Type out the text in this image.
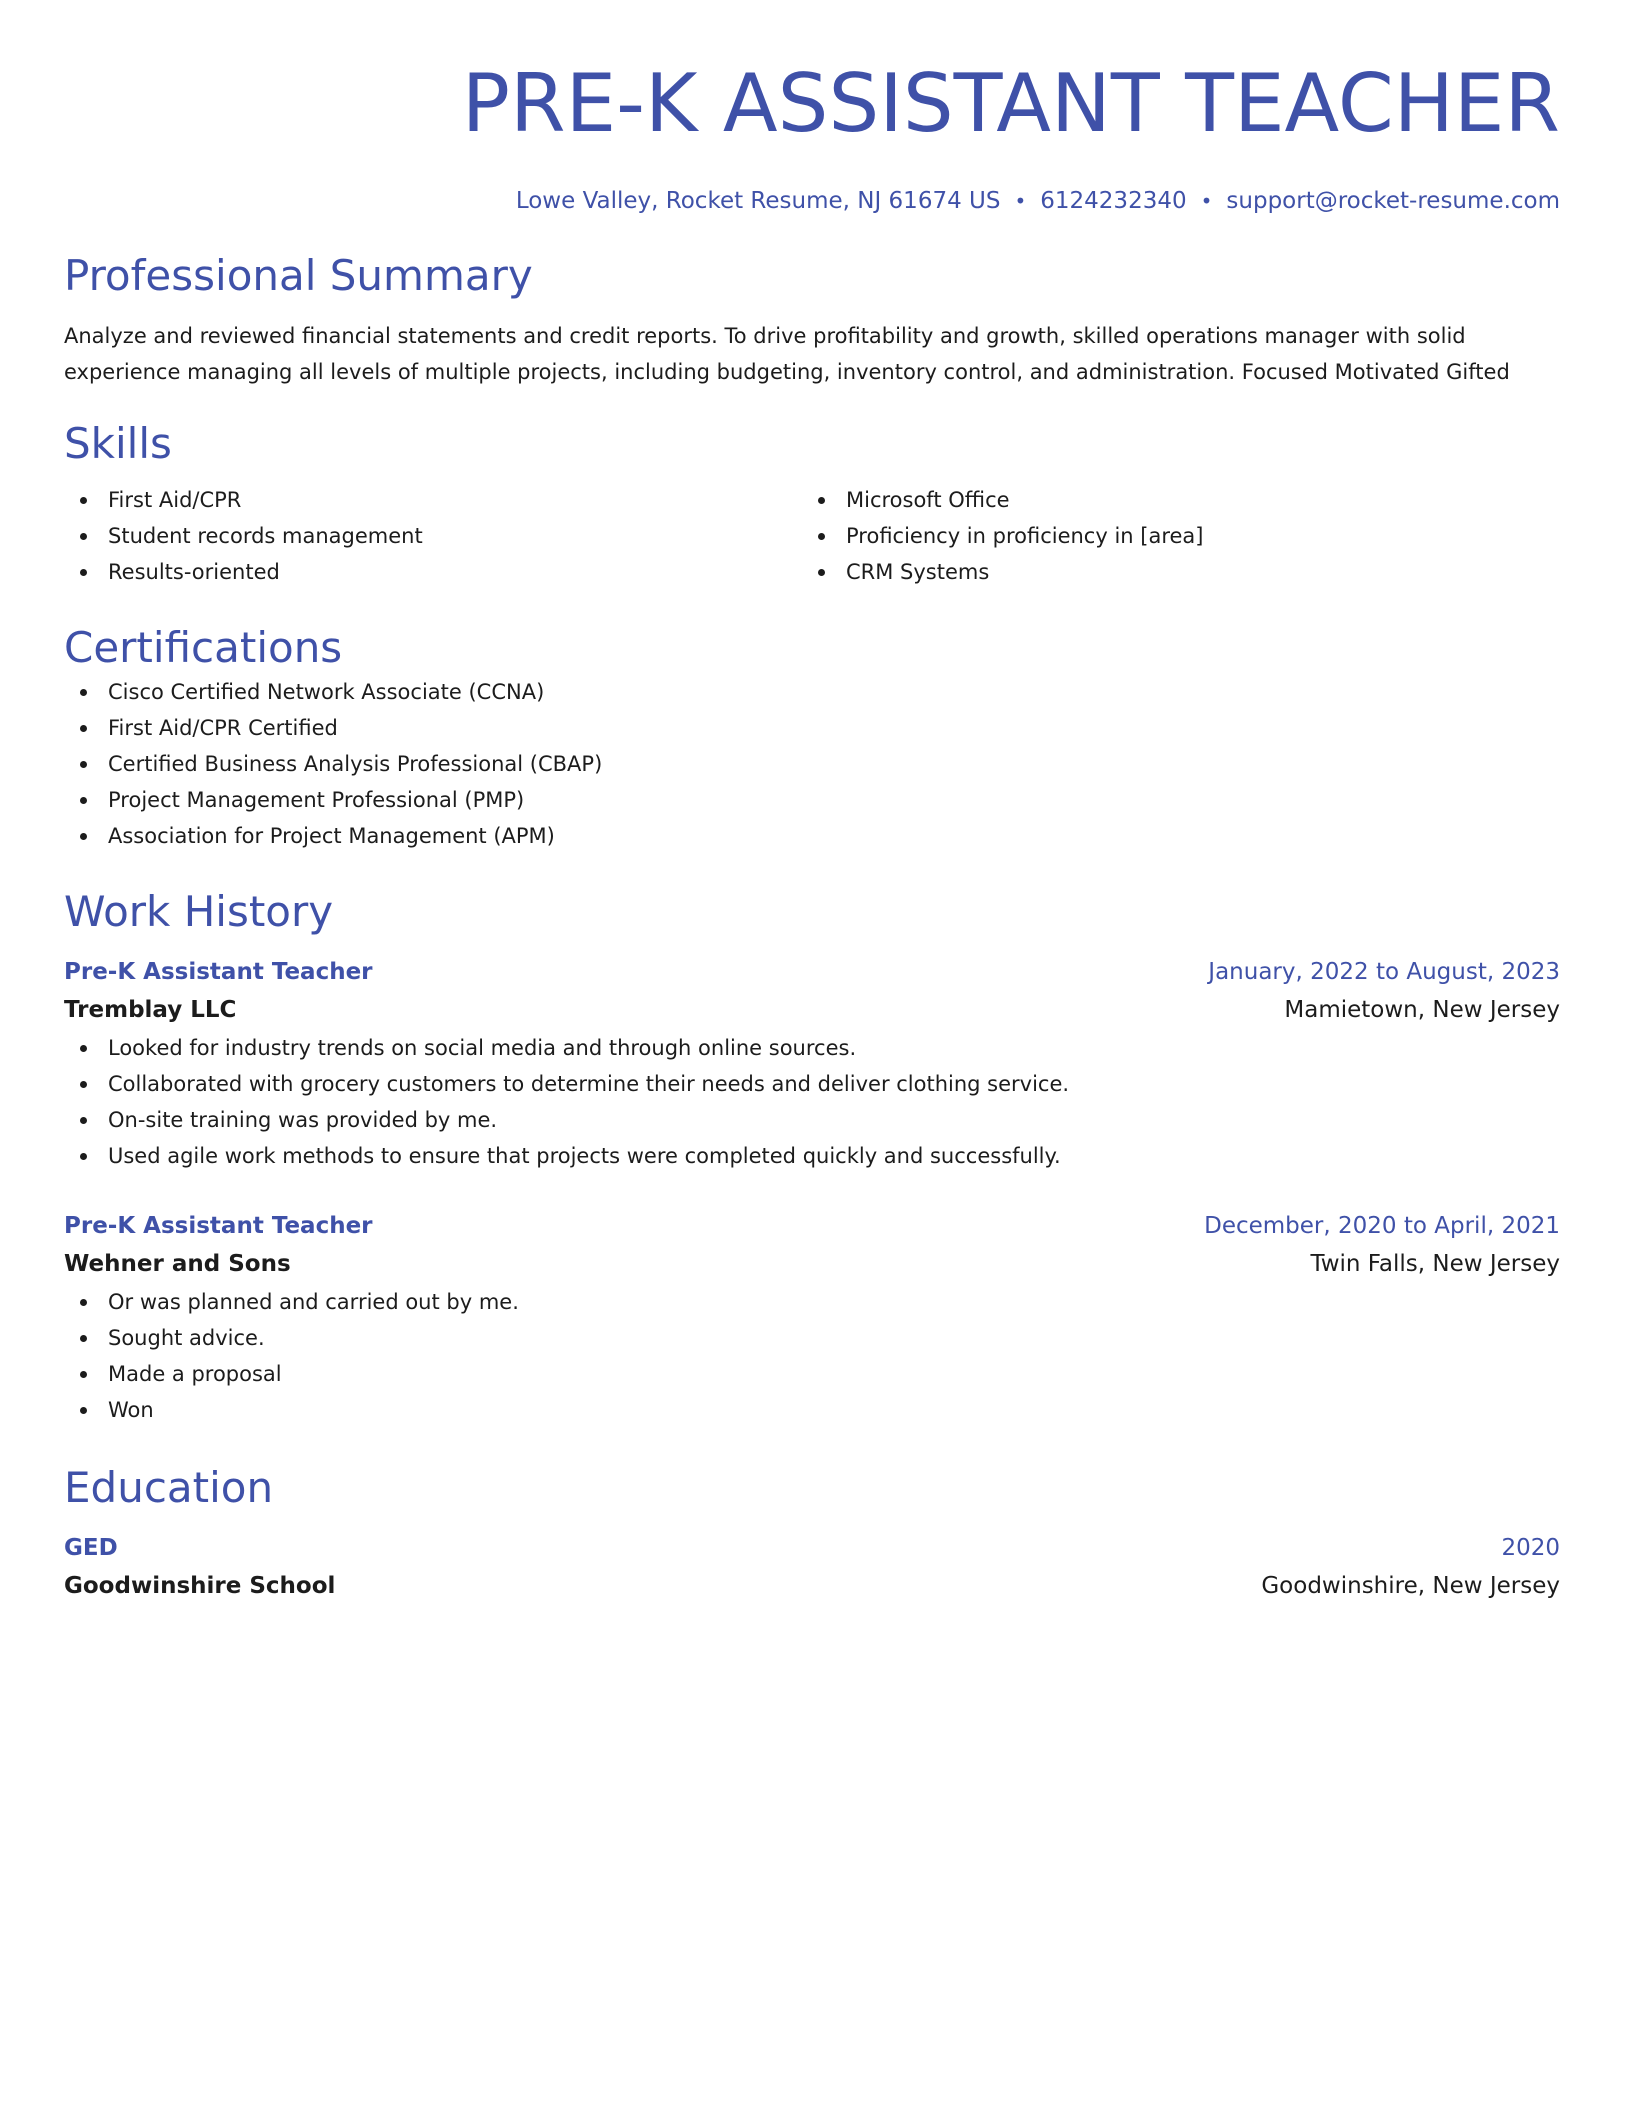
PRE-K ASSISTANT TEACHER
Lowe Valley, Rocket Resume, NJ 61674 US • 6124232340 • support@rocket-resume.com
Professional Summary
Analyze and reviewed financial statements and credit reports. To drive profitability and growth, skilled operations manager with solid experience managing all levels of multiple projects, including budgeting, inventory control, and administration. Focused Motivated Gifted
Skills
First Aid/CPR
Student records management
Results-oriented
Microsoft Office
Proficiency in proficiency in [area]
CRM Systems
Certifications
Cisco Certified Network Associate (CCNA)
First Aid/CPR Certified
Certified Business Analysis Professional (CBAP)
Project Management Professional (PMP)
Association for Project Management (APM)
Work History
Pre-K Assistant Teacher	January, 2022 to August, 2023
Tremblay LLC	Mamietown, New Jersey
Looked for industry trends on social media and through online sources.
Collaborated with grocery customers to determine their needs and deliver clothing service.
On-site training was provided by me.
Used agile work methods to ensure that projects were completed quickly and successfully.
Pre-K Assistant Teacher	December, 2020 to April, 2021
Wehner and Sons	Twin Falls, New Jersey
Or was planned and carried out by me.
Sought advice.
Made a proposal
Won
Education
GED	2020
Goodwinshire School	Goodwinshire, New Jersey
